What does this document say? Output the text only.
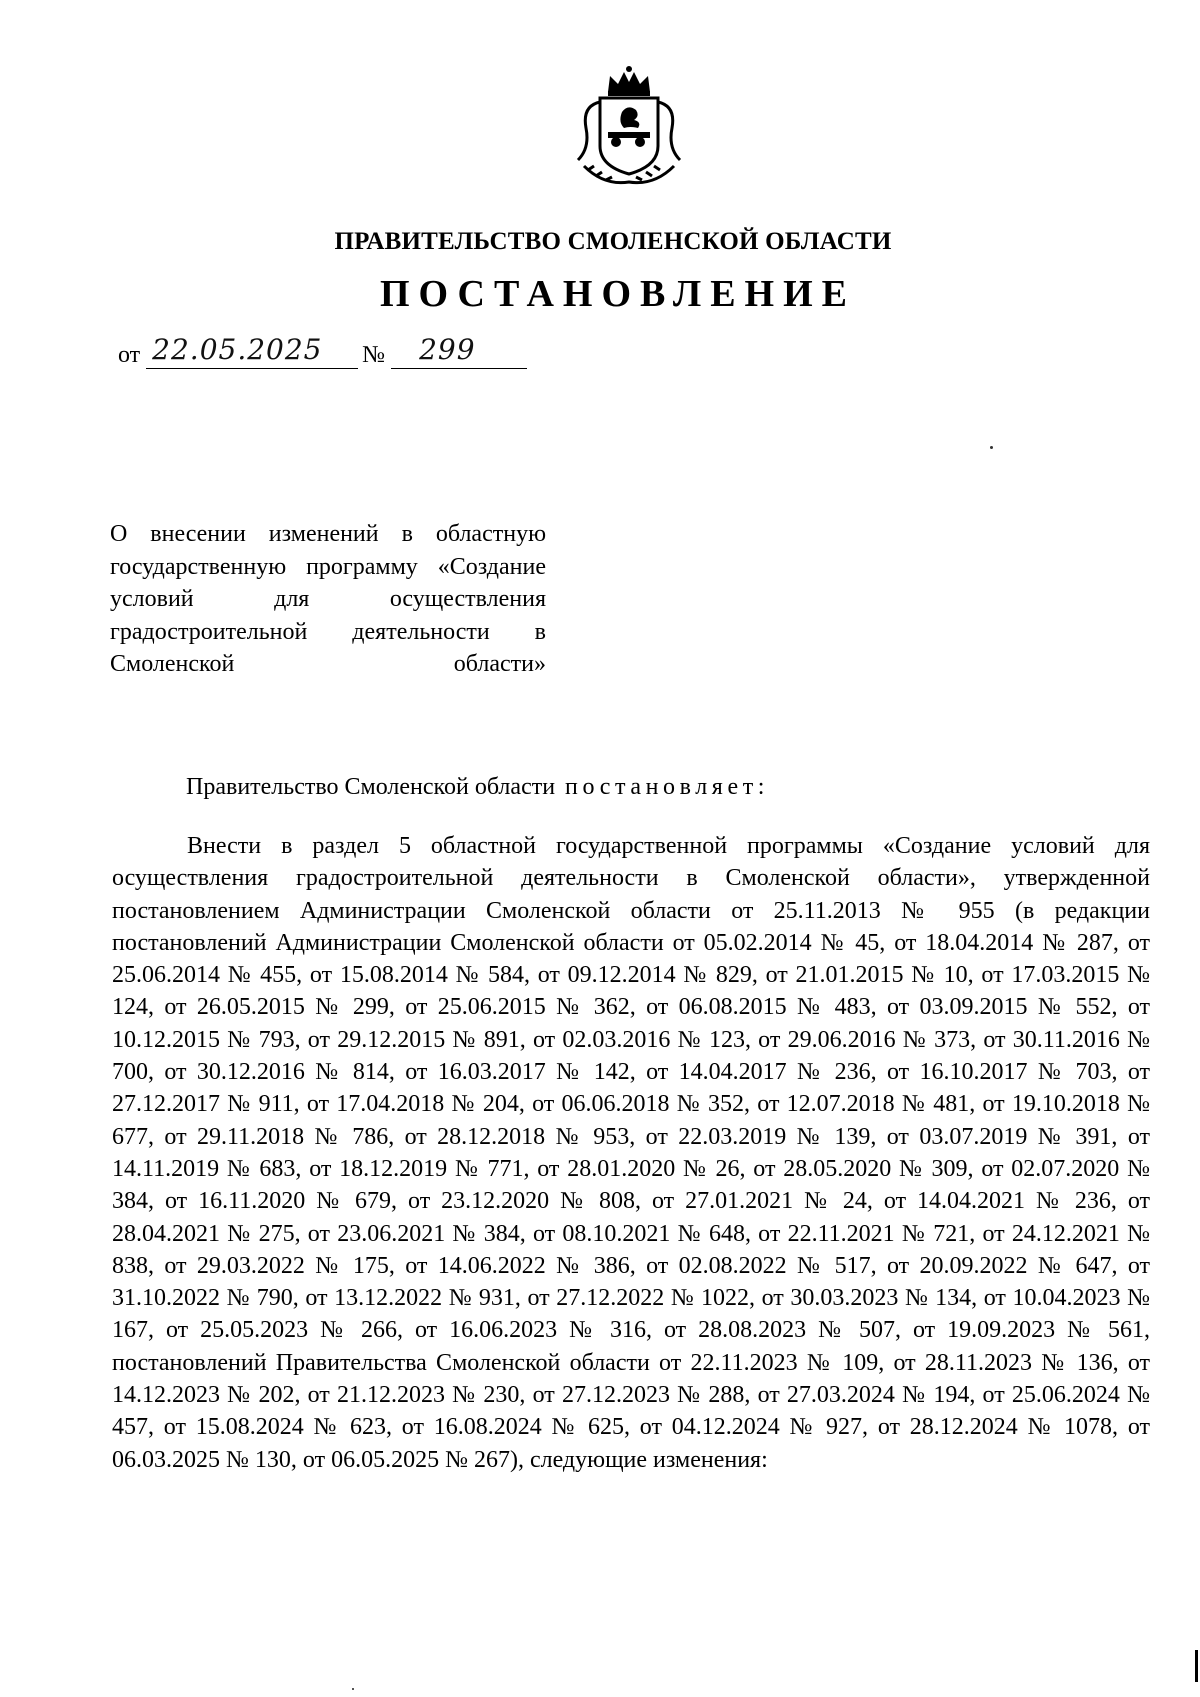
ПРАВИТЕЛЬСТВО СМОЛЕНСКОЙ ОБЛАСТИ
ПОСТАНОВЛЕНИЕ
от 22.05.2025 № 299
О внесении изменений в областную государственную программу «Создание условий для осуществления градостроительной деятельности в Смоленской области»
Правительство Смоленской области постановляет:
Внести в раздел 5 областной государственной программы «Создание условий для осуществления градостроительной деятельности в Смоленской области», утвержденной постановлением Администрации Смоленской области от 25.11.2013 № 955 (в редакции постановлений Администрации Смоленской области от 05.02.2014 № 45, от 18.04.2014 № 287, от 25.06.2014 № 455, от 15.08.2014 № 584, от 09.12.2014 № 829, от 21.01.2015 № 10, от 17.03.2015 № 124, от 26.05.2015 № 299, от 25.06.2015 № 362, от 06.08.2015 № 483, от 03.09.2015 № 552, от 10.12.2015 № 793, от 29.12.2015 № 891, от 02.03.2016 № 123, от 29.06.2016 № 373, от 30.11.2016 № 700, от 30.12.2016 № 814, от 16.03.2017 № 142, от 14.04.2017 № 236, от 16.10.2017 № 703, от 27.12.2017 № 911, от 17.04.2018 № 204, от 06.06.2018 № 352, от 12.07.2018 № 481, от 19.10.2018 № 677, от 29.11.2018 № 786, от 28.12.2018 № 953, от 22.03.2019 № 139, от 03.07.2019 № 391, от 14.11.2019 № 683, от 18.12.2019 № 771, от 28.01.2020 № 26, от 28.05.2020 № 309, от 02.07.2020 № 384, от 16.11.2020 № 679, от 23.12.2020 № 808, от 27.01.2021 № 24, от 14.04.2021 № 236, от 28.04.2021 № 275, от 23.06.2021 № 384, от 08.10.2021 № 648, от 22.11.2021 № 721, от 24.12.2021 № 838, от 29.03.2022 № 175, от 14.06.2022 № 386, от 02.08.2022 № 517, от 20.09.2022 № 647, от 31.10.2022 № 790, от 13.12.2022 № 931, от 27.12.2022 № 1022, от 30.03.2023 № 134, от 10.04.2023 № 167, от 25.05.2023 № 266, от 16.06.2023 № 316, от 28.08.2023 № 507, от 19.09.2023 № 561, постановлений Правительства Смоленской области от 22.11.2023 № 109, от 28.11.2023 № 136, от 14.12.2023 № 202, от 21.12.2023 № 230, от 27.12.2023 № 288, от 27.03.2024 № 194, от 25.06.2024 № 457, от 15.08.2024 № 623, от 16.08.2024 № 625, от 04.12.2024 № 927, от 28.12.2024 № 1078, от 06.03.2025 № 130, от 06.05.2025 № 267), следующие изменения:
